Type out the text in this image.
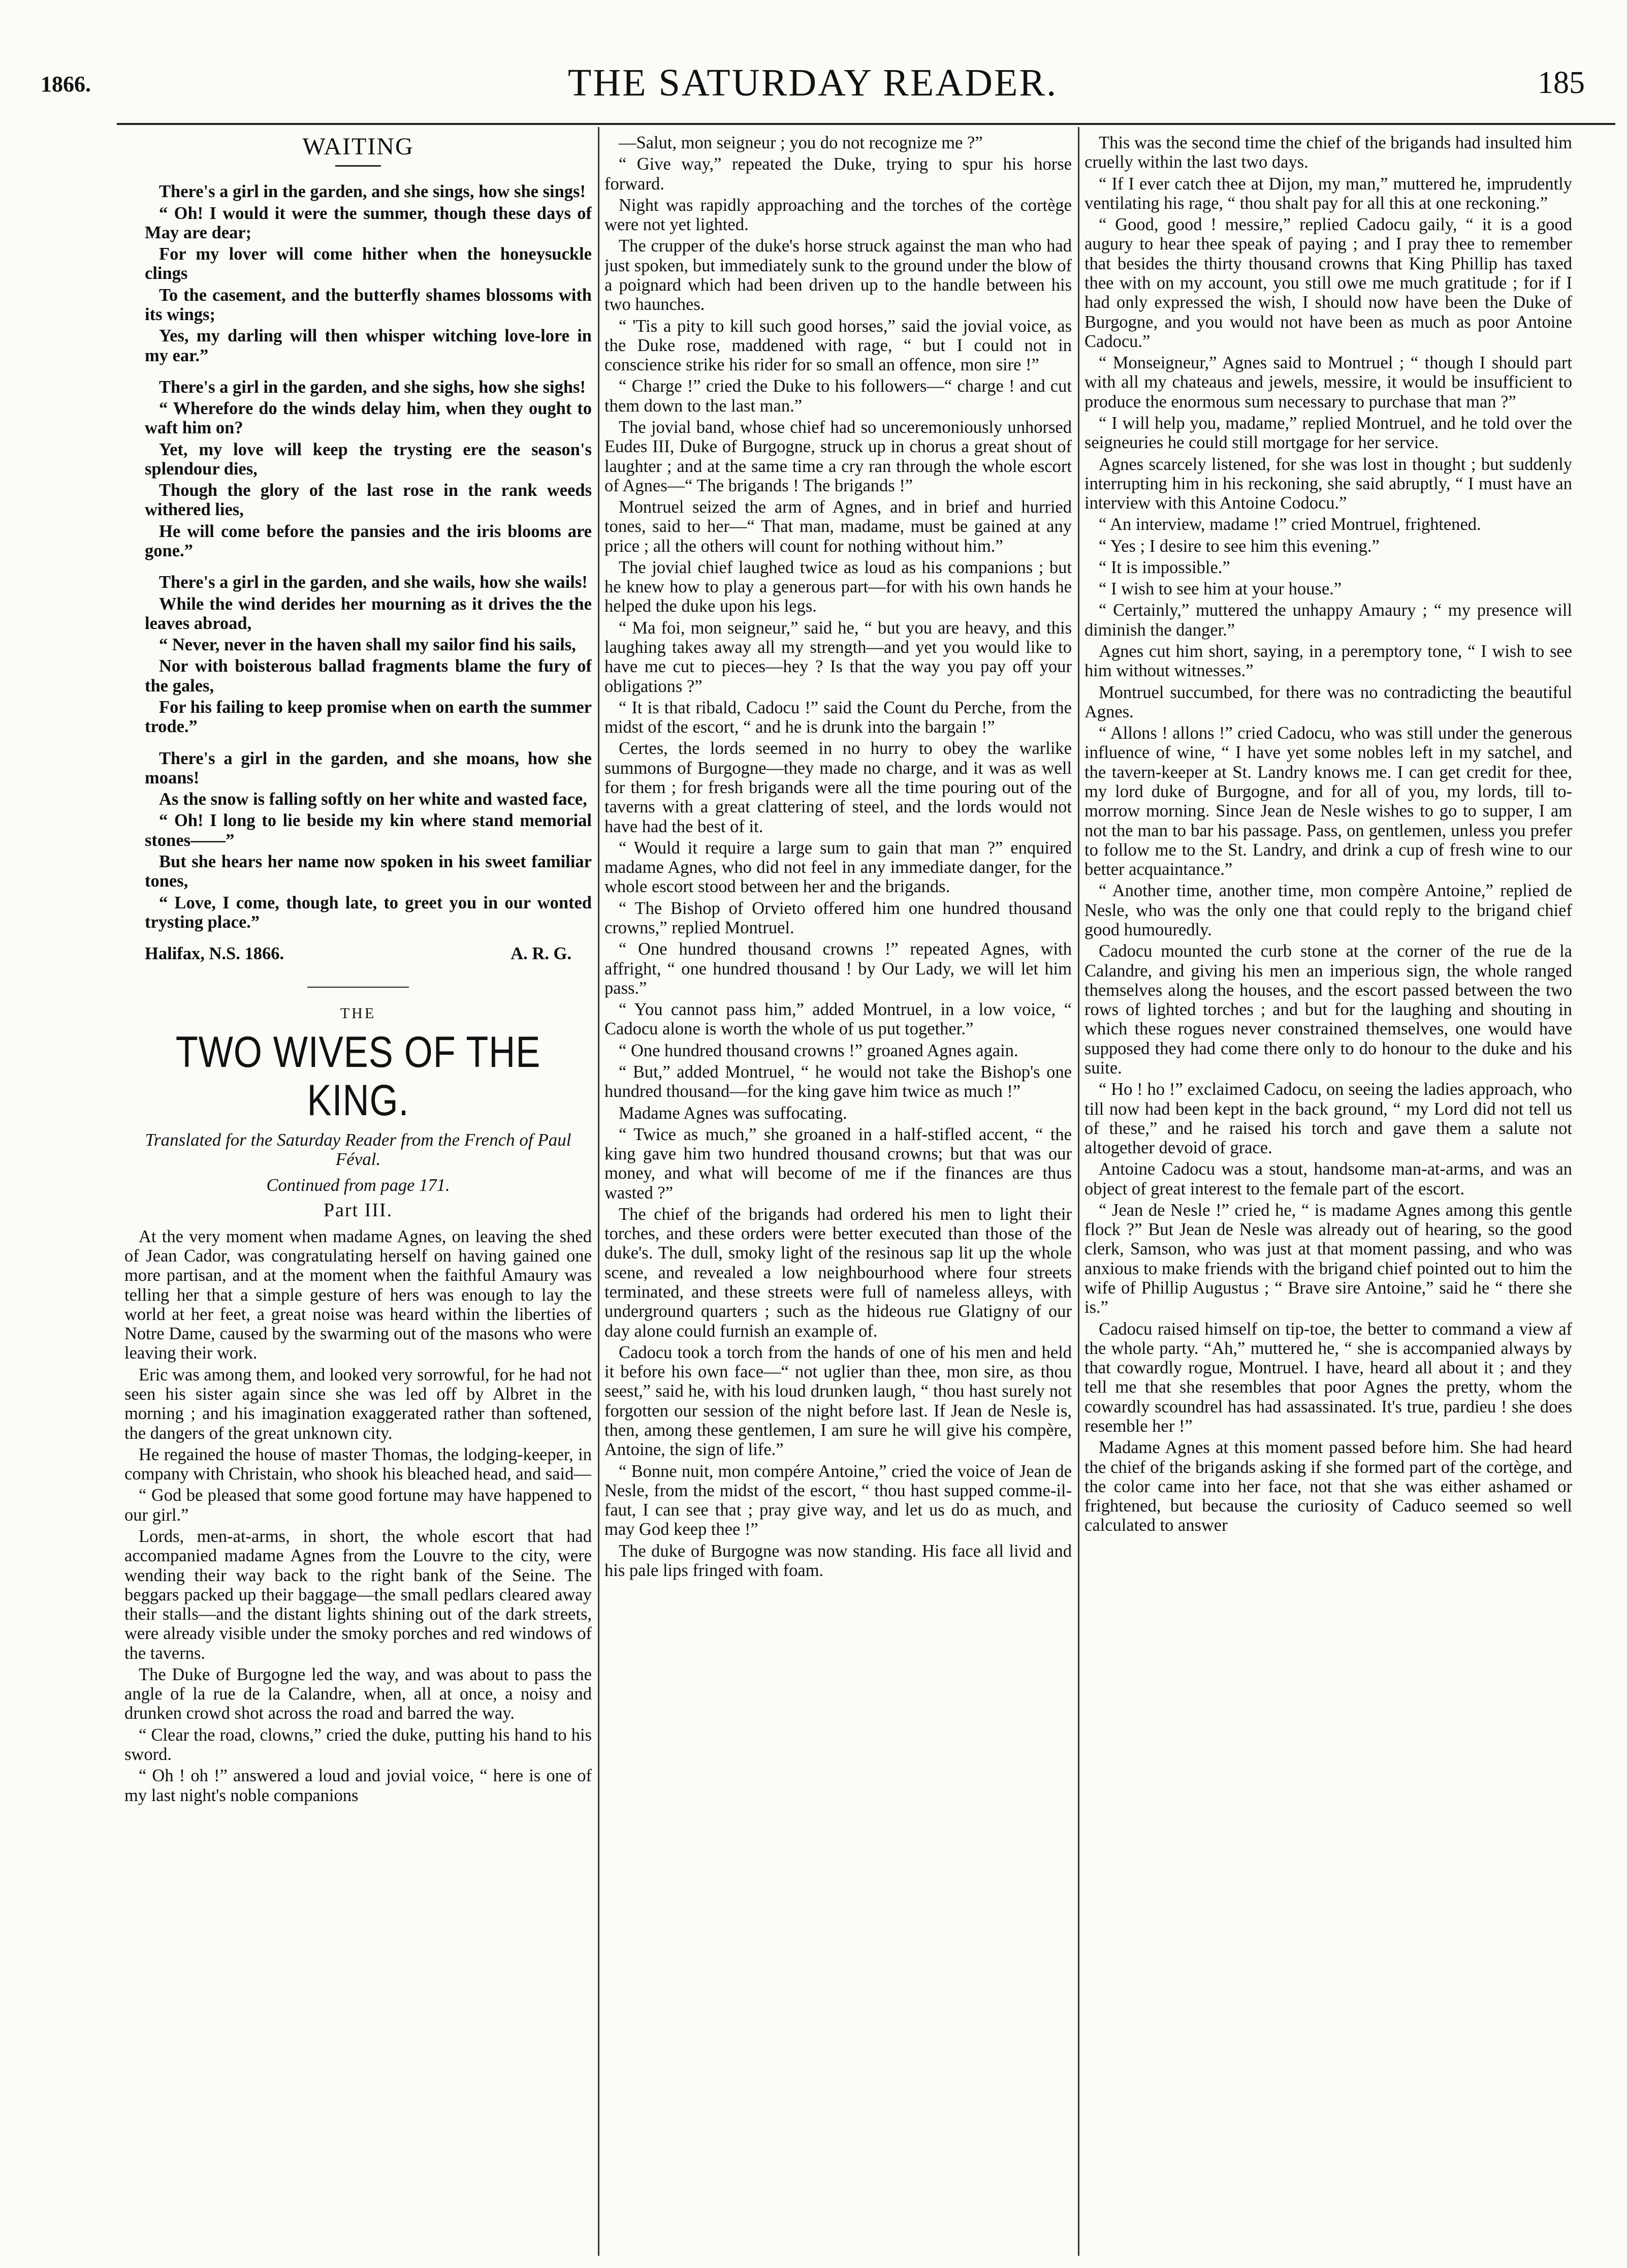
1866.	THE SATURDAY READER.	185
WAITING

There's a girl in the garden, and she sings, how she sings!

“ Oh! I would it were the summer, though these days of May are dear;

For my lover will come hither when the honeysuckle clings

To the casement, and the butterfly shames blossoms with its wings;

Yes, my darling will then whisper witching love-lore in my ear.”

There's a girl in the garden, and she sighs, how she sighs!

“ Wherefore do the winds delay him, when they ought to waft him on?

Yet, my love will keep the trysting ere the season's splendour dies,

Though the glory of the last rose in the rank weeds withered lies,

He will come before the pansies and the iris blooms are gone.”

There's a girl in the garden, and she wails, how she wails!

While the wind derides her mourning as it drives the the leaves abroad,

“ Never, never in the haven shall my sailor find his sails,

Nor with boisterous ballad fragments blame the fury of the gales,

For his failing to keep promise when on earth the summer trode.”

There's a girl in the garden, and she moans, how she moans!

As the snow is falling softly on her white and wasted face,

“ Oh! I long to lie beside my kin where stand memorial stones——”

But she hears her name now spoken in his sweet familiar tones,

“ Love, I come, though late, to greet you in our wonted trysting place.”

Halifax, N.S. 1866.	A. R. G.
THE
TWO WIVES OF THE KING.
Translated for the Saturday Reader from the French of Paul Féval.
Continued from page 171.
Part III.

At the very moment when madame Agnes, on leaving the shed of Jean Cador, was congratulating herself on having gained one more partisan, and at the moment when the faithful Amaury was telling her that a simple gesture of hers was enough to lay the world at her feet, a great noise was heard within the liberties of Notre Dame, caused by the swarming out of the masons who were leaving their work.

Eric was among them, and looked very sorrowful, for he had not seen his sister again since she was led off by Albret in the morning ; and his imagination exaggerated rather than softened, the dangers of the great unknown city.

He regained the house of master Thomas, the lodging-keeper, in company with Christain, who shook his bleached head, and said—

“ God be pleased that some good fortune may have happened to our girl.”

Lords, men-at-arms, in short, the whole escort that had accompanied madame Agnes from the Louvre to the city, were wending their way back to the right bank of the Seine. The beggars packed up their baggage—the small pedlars cleared away their stalls—and the distant lights shining out of the dark streets, were already visible under the smoky porches and red windows of the taverns.

The Duke of Burgogne led the way, and was about to pass the angle of la rue de la Calandre, when, all at once, a noisy and drunken crowd shot across the road and barred the way.

“ Clear the road, clowns,” cried the duke, putting his hand to his sword.

“ Oh ! oh !” answered a loud and jovial voice, “ here is one of my last night's noble companions

—Salut, mon seigneur ; you do not recognize me ?”

“ Give way,” repeated the Duke, trying to spur his horse forward.

Night was rapidly approaching and the torches of the cortège were not yet lighted.

The crupper of the duke's horse struck against the man who had just spoken, but immediately sunk to the ground under the blow of a poignard which had been driven up to the handle between his two haunches.

“ 'Tis a pity to kill such good horses,” said the jovial voice, as the Duke rose, maddened with rage, “ but I could not in conscience strike his rider for so small an offence, mon sire !”

“ Charge !” cried the Duke to his followers—“ charge ! and cut them down to the last man.”

The jovial band, whose chief had so unceremoniously unhorsed Eudes III, Duke of Burgogne, struck up in chorus a great shout of laughter ; and at the same time a cry ran through the whole escort of Agnes—“ The brigands ! The brigands !”

Montruel seized the arm of Agnes, and in brief and hurried tones, said to her—“ That man, madame, must be gained at any price ; all the others will count for nothing without him.”

The jovial chief laughed twice as loud as his companions ; but he knew how to play a generous part—for with his own hands he helped the duke upon his legs.

“ Ma foi, mon seigneur,” said he, “ but you are heavy, and this laughing takes away all my strength—and yet you would like to have me cut to pieces—hey ? Is that the way you pay off your obligations ?”

“ It is that ribald, Cadocu !” said the Count du Perche, from the midst of the escort, “ and he is drunk into the bargain !”

Certes, the lords seemed in no hurry to obey the warlike summons of Burgogne—they made no charge, and it was as well for them ; for fresh brigands were all the time pouring out of the taverns with a great clattering of steel, and the lords would not have had the best of it.

“ Would it require a large sum to gain that man ?” enquired madame Agnes, who did not feel in any immediate danger, for the whole escort stood between her and the brigands.

“ The Bishop of Orvieto offered him one hundred thousand crowns,” replied Montruel.

“ One hundred thousand crowns !” repeated Agnes, with affright, “ one hundred thousand ! by Our Lady, we will let him pass.”

“ You cannot pass him,” added Montruel, in a low voice, “ Cadocu alone is worth the whole of us put together.”

“ One hundred thousand crowns !” groaned Agnes again.

“ But,” added Montruel, “ he would not take the Bishop's one hundred thousand—for the king gave him twice as much !”

Madame Agnes was suffocating.

“ Twice as much,” she groaned in a half-stifled accent, “ the king gave him two hundred thousand crowns; but that was our money, and what will become of me if the finances are thus wasted ?”

The chief of the brigands had ordered his men to light their torches, and these orders were better executed than those of the duke's. The dull, smoky light of the resinous sap lit up the whole scene, and revealed a low neighbourhood where four streets terminated, and these streets were full of nameless alleys, with underground quarters ; such as the hideous rue Glatigny of our day alone could furnish an example of.

Cadocu took a torch from the hands of one of his men and held it before his own face—“ not uglier than thee, mon sire, as thou seest,” said he, with his loud drunken laugh, “ thou hast surely not forgotten our session of the night before last. If Jean de Nesle is, then, among these gentlemen, I am sure he will give his compère, Antoine, the sign of life.”

“ Bonne nuit, mon compére Antoine,” cried the voice of Jean de Nesle, from the midst of the escort, “ thou hast supped comme-il-faut, I can see that ; pray give way, and let us do as much, and may God keep thee !”

The duke of Burgogne was now standing. His face all livid and his pale lips fringed with foam.

This was the second time the chief of the brigands had insulted him cruelly within the last two days.

“ If I ever catch thee at Dijon, my man,” muttered he, imprudently ventilating his rage, “ thou shalt pay for all this at one reckoning.”

“ Good, good ! messire,” replied Cadocu gaily, “ it is a good augury to hear thee speak of paying ; and I pray thee to remember that besides the thirty thousand crowns that King Phillip has taxed thee with on my account, you still owe me much gratitude ; for if I had only expressed the wish, I should now have been the Duke of Burgogne, and you would not have been as much as poor Antoine Cadocu.”

“ Monseigneur,” Agnes said to Montruel ; “ though I should part with all my chateaus and jewels, messire, it would be insufficient to produce the enormous sum necessary to purchase that man ?”

“ I will help you, madame,” replied Montruel, and he told over the seigneuries he could still mortgage for her service.

Agnes scarcely listened, for she was lost in thought ; but suddenly interrupting him in his reckoning, she said abruptly, “ I must have an interview with this Antoine Codocu.”

“ An interview, madame !” cried Montruel, frightened.

“ Yes ; I desire to see him this evening.”

“ It is impossible.”

“ I wish to see him at your house.”

“ Certainly,” muttered the unhappy Amaury ; “ my presence will diminish the danger.”

Agnes cut him short, saying, in a peremptory tone, “ I wish to see him without witnesses.”

Montruel succumbed, for there was no contradicting the beautiful Agnes.

“ Allons ! allons !” cried Cadocu, who was still under the generous influence of wine, “ I have yet some nobles left in my satchel, and the tavern-keeper at St. Landry knows me. I can get credit for thee, my lord duke of Burgogne, and for all of you, my lords, till to-morrow morning. Since Jean de Nesle wishes to go to supper, I am not the man to bar his passage. Pass, on gentlemen, unless you prefer to follow me to the St. Landry, and drink a cup of fresh wine to our better acquaintance.”

“ Another time, another time, mon compère Antoine,” replied de Nesle, who was the only one that could reply to the brigand chief good humouredly.

Cadocu mounted the curb stone at the corner of the rue de la Calandre, and giving his men an imperious sign, the whole ranged themselves along the houses, and the escort passed between the two rows of lighted torches ; and but for the laughing and shouting in which these rogues never constrained themselves, one would have supposed they had come there only to do honour to the duke and his suite.

“ Ho ! ho !” exclaimed Cadocu, on seeing the ladies approach, who till now had been kept in the back ground, “ my Lord did not tell us of these,” and he raised his torch and gave them a salute not altogether devoid of grace.

Antoine Cadocu was a stout, handsome man-at-arms, and was an object of great interest to the female part of the escort.

“ Jean de Nesle !” cried he, “ is madame Agnes among this gentle flock ?” But Jean de Nesle was already out of hearing, so the good clerk, Samson, who was just at that moment passing, and who was anxious to make friends with the brigand chief pointed out to him the wife of Phillip Augustus ; “ Brave sire Antoine,” said he “ there she is.”

Cadocu raised himself on tip-toe, the better to command a view af the whole party. “Ah,” muttered he, “ she is accompanied always by that cowardly rogue, Montruel. I have, heard all about it ; and they tell me that she resembles that poor Agnes the pretty, whom the cowardly scoundrel has had assassinated. It's true, pardieu ! she does resemble her !”

Madame Agnes at this moment passed before him. She had heard the chief of the brigands asking if she formed part of the cortège, and the color came into her face, not that she was either ashamed or frightened, but because the curiosity of Caduco seemed so well calculated to answer
